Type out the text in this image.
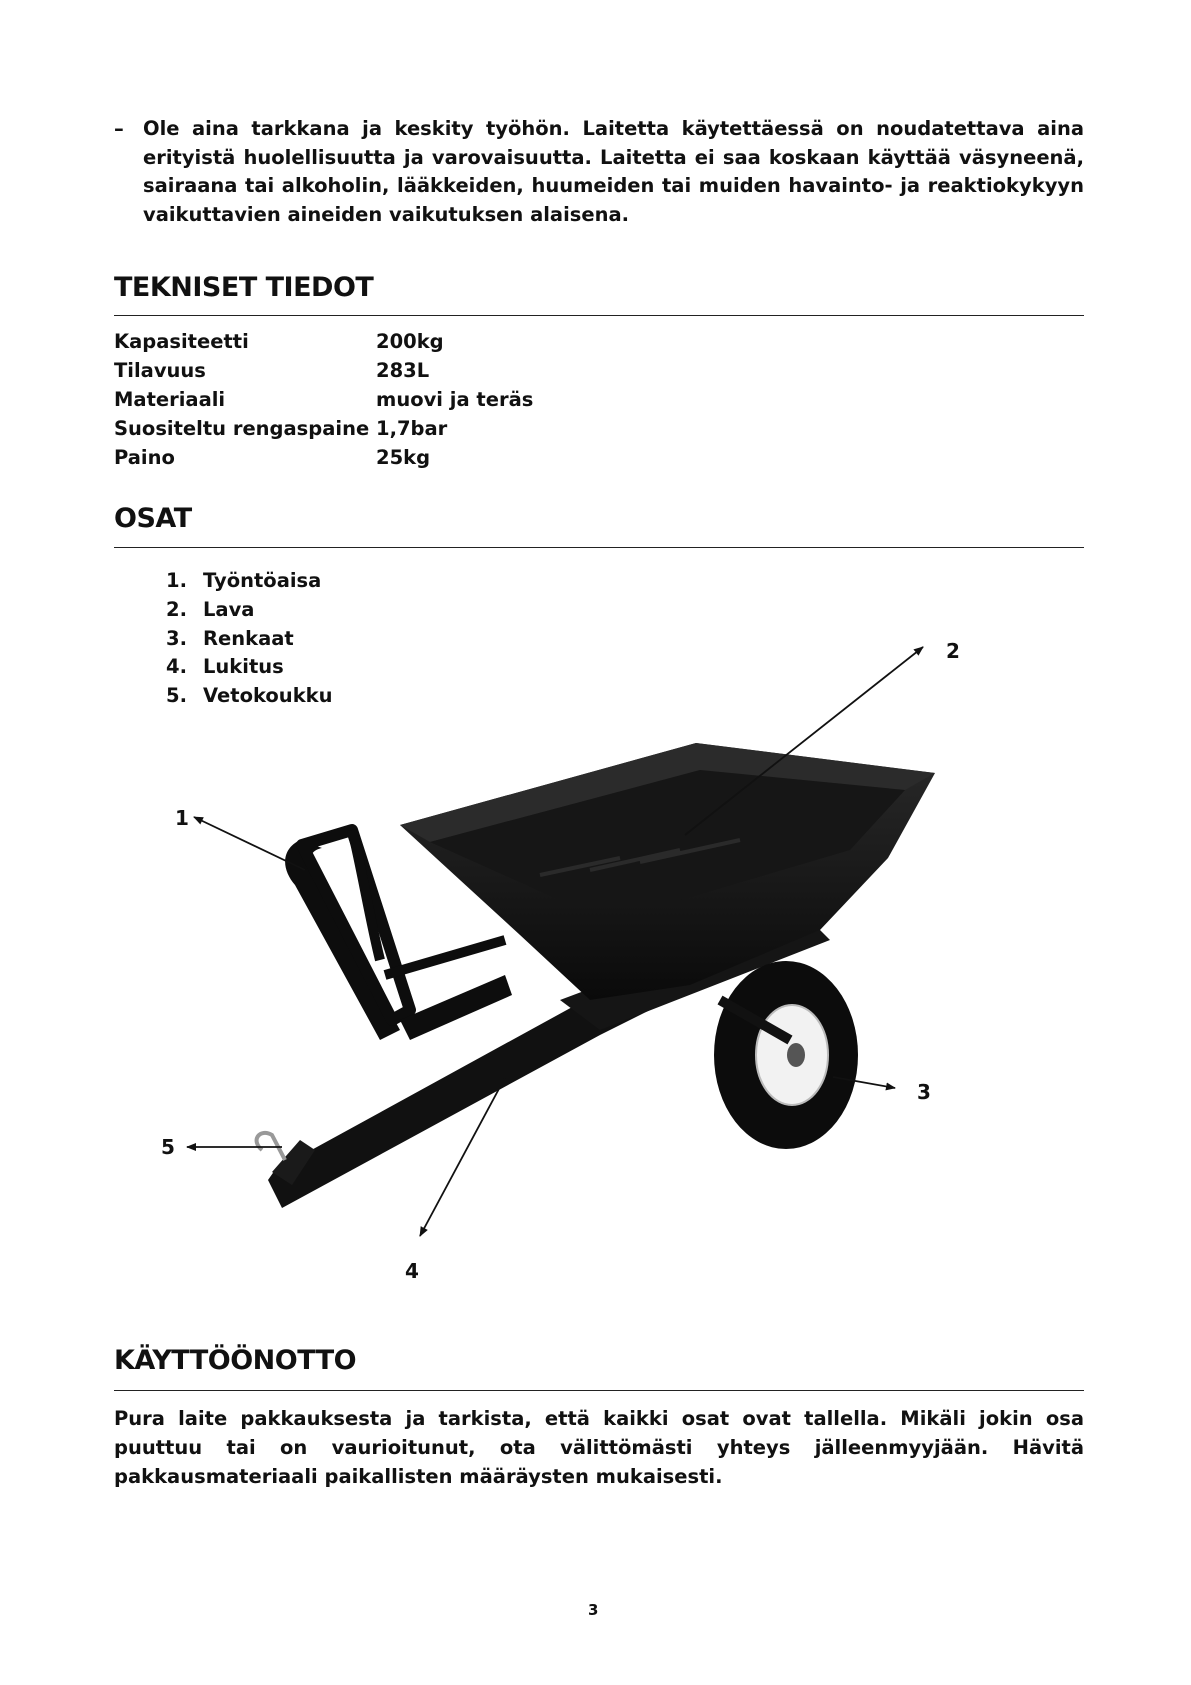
– Ole aina tarkkana ja keskity työhön. Laitetta käytettäessä on noudatettava aina erityistä huolellisuutta ja varovaisuutta. Laitetta ei saa koskaan käyttää väsyneenä, sairaana tai alkoholin, lääkkeiden, huumeiden tai muiden havainto- ja reaktiokykyyn vaikuttavien aineiden vaikutuksen alaisena.
TEKNISET TIEDOT
Kapasiteetti	200kg
Tilavuus	283L
Materiaali	muovi ja teräs
Suositeltu rengaspaine 1,7bar
Paino	25kg
OSAT
1. Työntöaisa
2. Lava
3. Renkaat
4. Lukitus
5. Vetokoukku
1
2
3
4
5
KÄYTTÖÖNOTTO

Pura laite pakkauksesta ja tarkista, että kaikki osat ovat tallella. Mikäli jokin osa puuttuu tai on vaurioitunut, ota välittömästi yhteys jälleenmyyjään. Hävitä pakkausmateriaali paikallisten määräysten mukaisesti.

3
